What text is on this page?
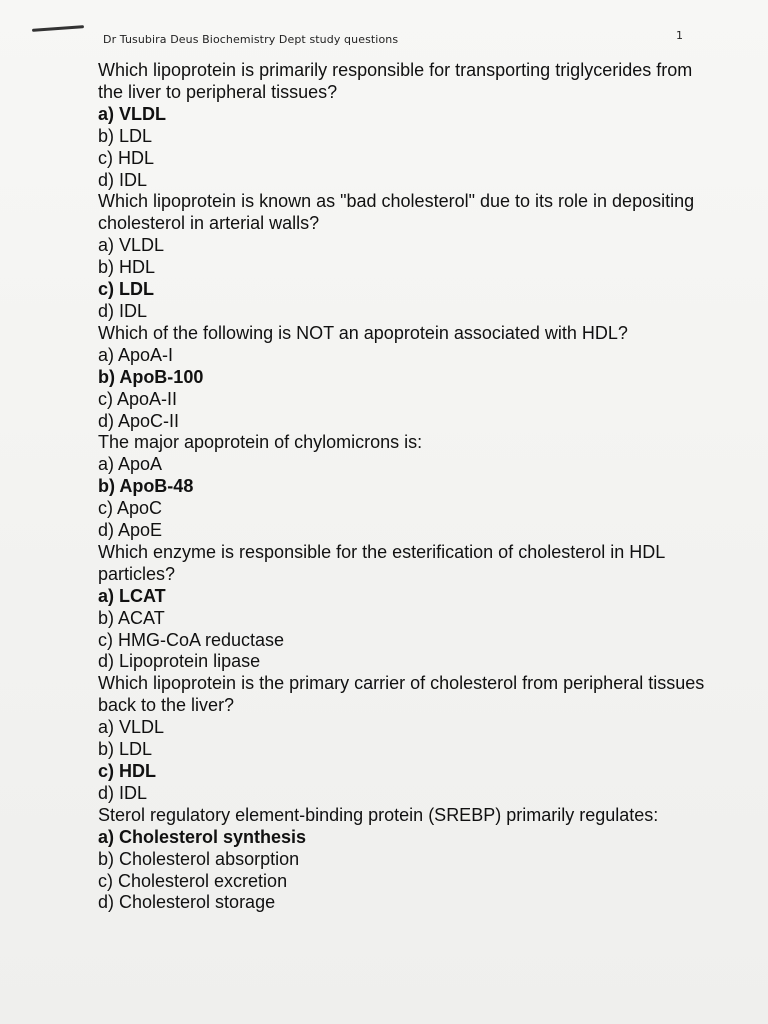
Dr Tusubira Deus Biochemistry Dept study questions	1

Which lipoprotein is primarily responsible for transporting triglycerides from the liver to peripheral tissues?

a) VLDL
b) LDL
c) HDL
d) IDL

Which lipoprotein is known as "bad cholesterol" due to its role in depositing cholesterol in arterial walls?

a) VLDL
b) HDL
c) LDL
d) IDL

Which of the following is NOT an apoprotein associated with HDL?

a) ApoA-I
b) ApoB-100
c) ApoA-II
d) ApoC-II

The major apoprotein of chylomicrons is:

a) ApoA
b) ApoB-48
c) ApoC
d) ApoE

Which enzyme is responsible for the esterification of cholesterol in HDL particles?

a) LCAT
b) ACAT
c) HMG-CoA reductase
d) Lipoprotein lipase

Which lipoprotein is the primary carrier of cholesterol from peripheral tissues back to the liver?

a) VLDL
b) LDL
c) HDL
d) IDL

Sterol regulatory element-binding protein (SREBP) primarily regulates:

a) Cholesterol synthesis
b) Cholesterol absorption
c) Cholesterol excretion
d) Cholesterol storage
